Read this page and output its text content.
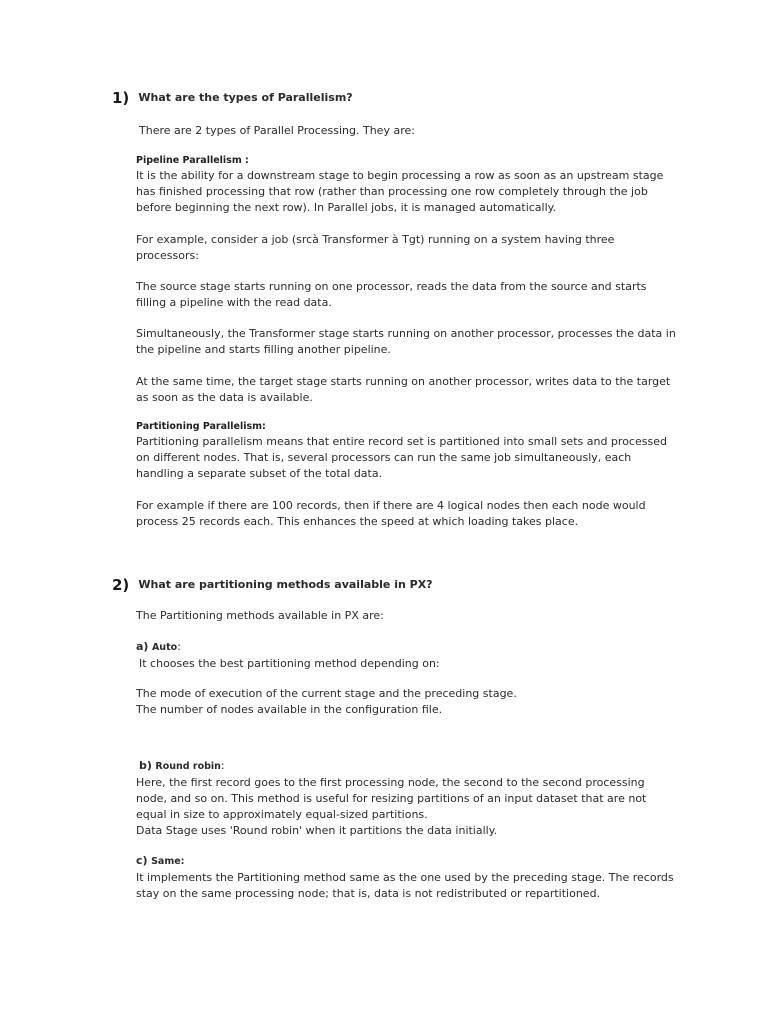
1) What are the types of Parallelism?

There are 2 types of Parallel Processing. They are:

Pipeline Parallelism :

It is the ability for a downstream stage to begin processing a row as soon as an upstream stage has finished processing that row (rather than processing one row completely through the job before beginning the next row). In Parallel jobs, it is managed automatically.

For example, consider a job (srcà Transformer à Tgt) running on a system having three processors:

The source stage starts running on one processor, reads the data from the source and starts filling a pipeline with the read data.

Simultaneously, the Transformer stage starts running on another processor, processes the data in the pipeline and starts filling another pipeline.

At the same time, the target stage starts running on another processor, writes data to the target as soon as the data is available.

Partitioning Parallelism:

Partitioning parallelism means that entire record set is partitioned into small sets and processed on different nodes. That is, several processors can run the same job simultaneously, each handling a separate subset of the total data.

For example if there are 100 records, then if there are 4 logical nodes then each node would process 25 records each. This enhances the speed at which loading takes place.

2) What are partitioning methods available in PX?

The Partitioning methods available in PX are:

a) Auto:

It chooses the best partitioning method depending on:

The mode of execution of the current stage and the preceding stage.

The number of nodes available in the configuration file.

b) Round robin:

Here, the first record goes to the first processing node, the second to the second processing node, and so on. This method is useful for resizing partitions of an input dataset that are not equal in size to approximately equal-sized partitions.

Data Stage uses 'Round robin' when it partitions the data initially.

c) Same:

It implements the Partitioning method same as the one used by the preceding stage. The records stay on the same processing node; that is, data is not redistributed or repartitioned.
